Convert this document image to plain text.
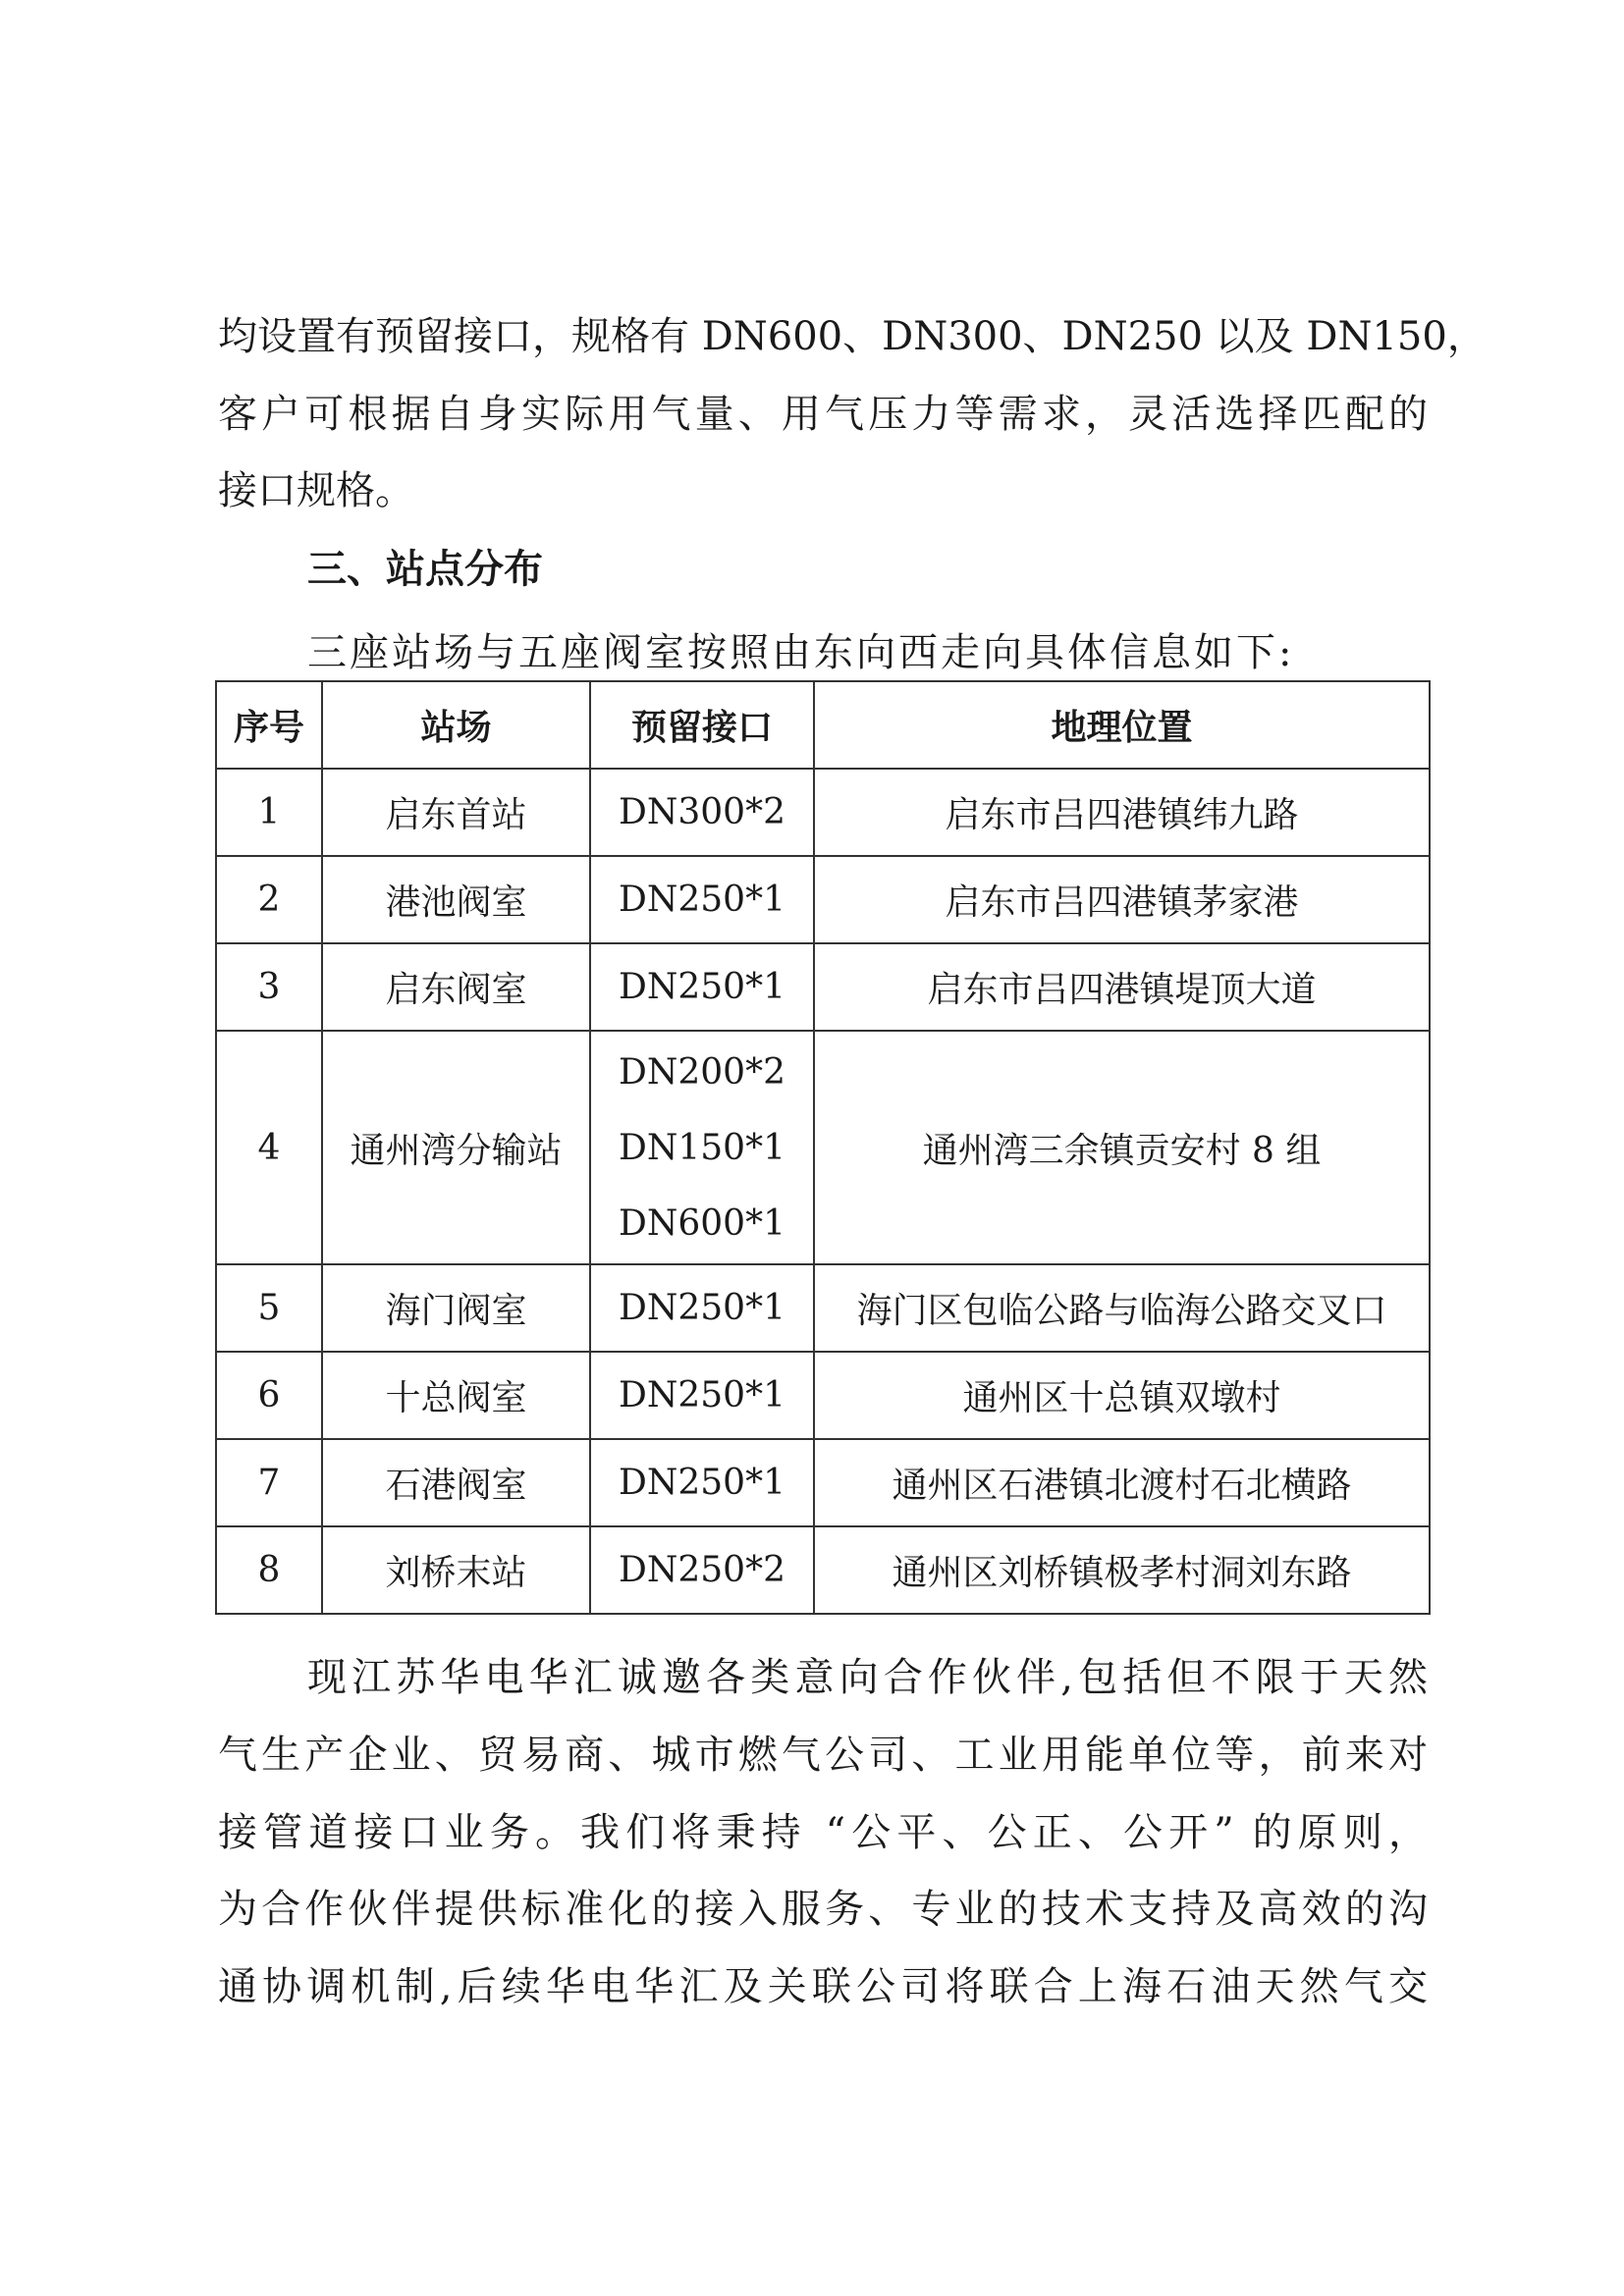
均设置有预留接口，规格有 DN600、DN300、DN250 以及 DN150，
客户可根据自身实际用气量、用气压力等需求，灵活选择匹配的
接口规格。
三、站点分布
三座站场与五座阀室按照由东向西走向具体信息如下:
序号	站场	预留接口	地理位置
1	启东首站	DN300*2	启东市吕四港镇纬九路
2	港池阀室	DN250*1	启东市吕四港镇茅家港
3	启东阀室	DN250*1	启东市吕四港镇堤顶大道
4	通州湾分输站	DN200*2
DN150*1
DN600*1	通州湾三余镇贡安村 8 组
5	海门阀室	DN250*1	海门区包临公路与临海公路交叉口
6	十总阀室	DN250*1	通州区十总镇双墩村
7	石港阀室	DN250*1	通州区石港镇北渡村石北横路
8	刘桥末站	DN250*2	通州区刘桥镇极孝村洞刘东路
现江苏华电华汇诚邀各类意向合作伙伴,包括但不限于天然
气生产企业、贸易商、城市燃气公司、工业用能单位等，前来对
接管道接口业务。我们将秉持 “公平、公正、公开” 的原则，
为合作伙伴提供标准化的接入服务、专业的技术支持及高效的沟
通协调机制,后续华电华汇及关联公司将联合上海石油天然气交
